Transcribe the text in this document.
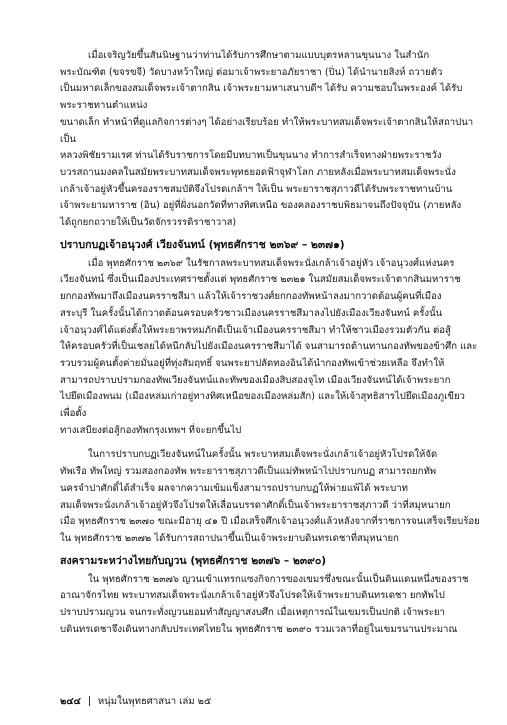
เมื่อเจริญวัยขึ้นสันนิษฐานว่าท่านได้รับการศึกษาตามแบบบุตรหลานขุนนาง ในสำนัก

พระบัณฑิต (ขจรขจี) วัดบางหว้าใหญ่ ต่อมาเจ้าพระยาอภัยราชา (ปิ่น) ได้นำนายสิงห์ ถวายตัว

เป็นมหาดเล็กของสมเด็จพระเจ้าตากสิน เจ้าพระยามหาเสนาบดีฯ ได้รับ ความชอบในพระองค์ ได้รับพระราชทานตำแหน่ง

ขนาดเล็ก ทำหน้าที่ดูแลกิจการต่างๆ ได้อย่างเรียบร้อย ทำให้พระบาทสมเด็จพระเจ้าตากสินให้สถาปนาเป็น

หลวงพิชัยรามเรศ ท่านได้รับราชการโดยมีบทบาทเป็นขุนนาง ทำการสำเร็จทางฝ่ายพระราชวัง

บวรสถานมงคลในสมัยพระบาทสมเด็จพระพุทธยอดฟ้าจุฬาโลก ภายหลังเมื่อพระบาทสมเด็จพระนั่ง

เกล้าเจ้าอยู่หัวขึ้นครองราชสมบัติจึงโปรดเกล้าฯ ให้เป็น พระยาราชสุภาวดีได้รับพระราชทานบ้าน

เจ้าพระยามหาราช (อิน) อยู่ที่ฝั่งนอกวัดที่ทางทิศเหนือ ของคลองราชบพิธมาจนถึงปัจจุบัน (ภายหลัง

ได้ถูกยกถวายให้เป็นวัดจักรวรรดิราชาวาส)

ปราบกบฏเจ้าอนุวงศ์ เวียงจันทน์ (พุทธศักราช ๒๓๖๙ – ๒๓๗๑)

เมื่อ พุทธศักราช ๒๓๖๙ ในรัชกาลพระบาทสมเด็จพระนั่งเกล้าเจ้าอยู่หัว เจ้าอนุวงศ์แห่งนคร

เวียงจันทน์ ซึ่งเป็นเมืองประเทศราชตั้งแต่ พุทธศักราช ๒๓๒๑ ในสมัยสมเด็จพระเจ้าตากสินมหาราช

ยกกองทัพมาถึงเมืองนครราชสีมา แล้วให้เจ้าราชวงศ์ยกกองทัพหน้าลงมากวาดต้อนผู้คนที่เมือง

สระบุรี ในครั้งนั้นได้กวาดต้อนครอบครัวชาวเมืองนครราชสีมาลงไปยังเมืองเวียงจันทน์ ครั้งนั้น

เจ้าอนุวงศ์ได้แต่งตั้งให้พระยาพรหมภักดีเป็นเจ้าเมืองนครราชสีมา ทำให้ชาวเมืองรวมตัวกัน ต่อสู้

ให้ครอบครัวที่เป็นเชลยได้หนีกลับไปยังเมืองนครราชสีมาได้ จนสามารถต้านทานกองทัพของข้าศึก และ

รวบรวมผู้คนตั้งค่ายมั่นอยู่ที่ทุ่งสัมฤทธิ์ จนพระยาปลัดทองอินได้นำกองทัพเข้าช่วยเหลือ จึงทำให้

สามารถปราบปรามกองทัพเวียงจันทน์และทัพของเมืองสิบสองจุไท เมืองเวียงจันทน์ได้เจ้าพระยาก

ไปยึดเมืองพนม (เมืองหล่มเก่าอยู่ทางทิศเหนือของเมืองหล่มสัก) และให้เจ้าสุทธิสารไปยึดเมืองภูเขียว เพื่อตั้ง

ทางเสบียงต่อสู้กองทัพกรุงเทพฯ ที่จะยกขึ้นไป

ในการปราบกบฏเวียงจันทน์ในครั้งนั้น พระบาทสมเด็จพระนั่งเกล้าเจ้าอยู่หัวโปรดให้จัด

ทัพเรือ ทัพใหญ่ รวมสองกองทัพ พระยาราชสุภาวดีเป็นแม่ทัพหน้าไปปราบกบฏ สามารถยกทัพ

นครจำปาศักดิ์ได้สำเร็จ ผลจากความเข้มแข็งสามารถปราบกบฏให้พ่ายแพ้ได้ พระบาท

สมเด็จพระนั่งเกล้าเจ้าอยู่หัวจึงโปรดให้เลื่อนบรรดาศักดิ์เป็นเจ้าพระยาราชสุภาวดี ว่าที่สมุหนายก

เมื่อ พุทธศักราช ๒๓๗๐ ขณะมีอายุ ๔๑ ปี เมื่อเสร็จศึกเจ้าอนุวงศ์แล้วหลังจากที่ราชการจนเสร็จเรียบร้อย

ใน พุทธศักราช ๒๓๗๒ ได้รับการสถาปนาขึ้นเป็นเจ้าพระยาบดินทรเดชาที่สมุหนายก

สงครามระหว่างไทยกับญวน (พุทธศักราช ๒๓๗๖ – ๒๓๙๐)

ใน พุทธศักราช ๒๓๗๖ ญวนเข้าแทรกแซงกิจการของเขมรซึ่งขณะนั้นเป็นดินแดนหนึ่งของราช

อาณาจักรไทย พระบาทสมเด็จพระนั่งเกล้าเจ้าอยู่หัวจึงโปรดให้เจ้าพระยาบดินทรเดชา ยกทัพไป

ปราบปรามญวน จนกระทั่งญวนยอมทำสัญญาสงบศึก เมื่อเหตุการณ์ในเขมรเป็นปกติ เจ้าพระยา

บดินทรเดชาจึงเดินทางกลับประเทศไทยใน พุทธศักราช ๒๓๙๐ รวมเวลาที่อยู่ในเขมรนานประมาณ

๒๔๔ หนุ่มในพุทธศาสนา เล่ม ๒๕
